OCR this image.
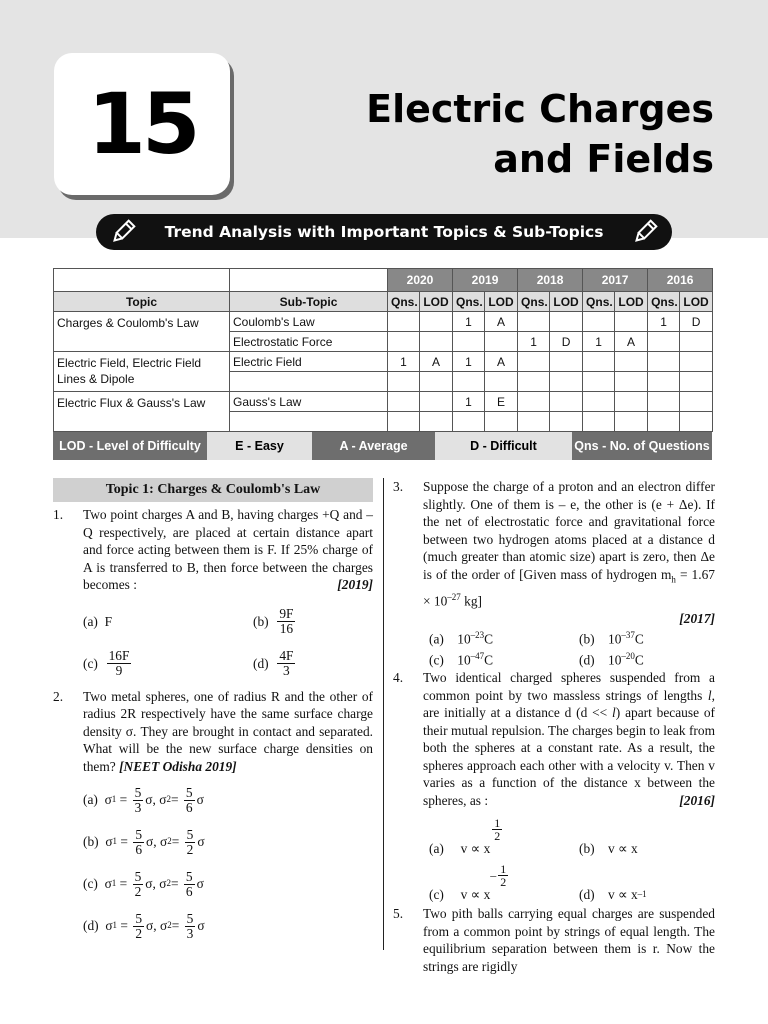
15	Electric Charges
and Fields
Trend Analysis with Important Topics & Sub-Topics
		2020		2019		2018		2017		2016	
Topic	Sub-Topic	Qns.	LOD	Qns.	LOD	Qns.	LOD	Qns.	LOD	Qns.	LOD
Charges & Coulomb's Law	Coulomb's Law			1	A					1	D
	Electrostatic Force					1	D	1	A		
Electric Field, Electric Field Lines & Dipole	Electric Field	1	A	1	A						

Electric Flux & Gauss's Law	Gauss's Law			1	E						

LOD - Level of Difficulty	E - Easy	A - Average	D - Difficult	Qns - No. of Questions
Topic 1: Charges & Coulomb's Law
1.	Two point charges A and B, having charges +Q and –Q respectively, are placed at certain distance apart and force acting between them is F. If 25% charge of A is transferred to B, then force between the charges becomes :	[2019]
(a)
F	(b)
$\frac{9F}{16}$
(c)
$\frac{16F}{9}$	(d)
$\frac{4F}{3}$
2.	Two metal spheres, one of radius R and the other of radius 2R respectively have the same surface charge density σ. They are brought in contact and separated. What will be the new surface charge densities on them? [NEET Odisha 2019]
(a)
σ 1
=
$\frac{5}{3}$ σ ,
σ 2 =
$\frac{5}{6}$ σ
(b)
σ 1
=
$\frac{5}{6}$ σ ,
σ 2 =
$\frac{5}{2}$ σ
(c)
σ 1
=
$\frac{5}{2}$ σ ,
σ 2 =
$\frac{5}{6}$ σ
(d)
σ 1
=
$\frac{5}{2}$ σ ,
σ 2 =
$\frac{5}{3}$ σ
3.	Suppose the charge of a proton and an electron differ slightly. One of them is – e, the other is (e + Δe). If the net of electrostatic force and gravitational force between two hydrogen atoms placed at a distance d (much greater than atomic size) apart is zero, then Δe is of the order of [Given mass of hydrogen $m_h = 1.67 \times 10^{-27}$ kg]
[2017]
(a) $10^{-23}C$	(b) $10^{-37}C$
(c) $10^{-47}C$	(d) $10^{-20}C$
4.	Two identical charged spheres suspended from a common point by two massless strings of lengths l, are initially at a distance d (d << l) apart because of their mutual repulsion. The charges begin to leak from both the spheres at a constant rate. As a result, the spheres approach each other with a velocity v. Then v varies as a function of the distance x between the spheres, as :	[2016]
(a)
v ∝ x
$\frac{1}{2}$
(b)
v ∝ x
(c)
v ∝ x
– $\frac{1}{2}$
(d)
v ∝ x –1
5.	Two pith balls carrying equal charges are suspended from a common point by strings of equal length. The equilibrium separation between them is r. Now the strings are rigidly
